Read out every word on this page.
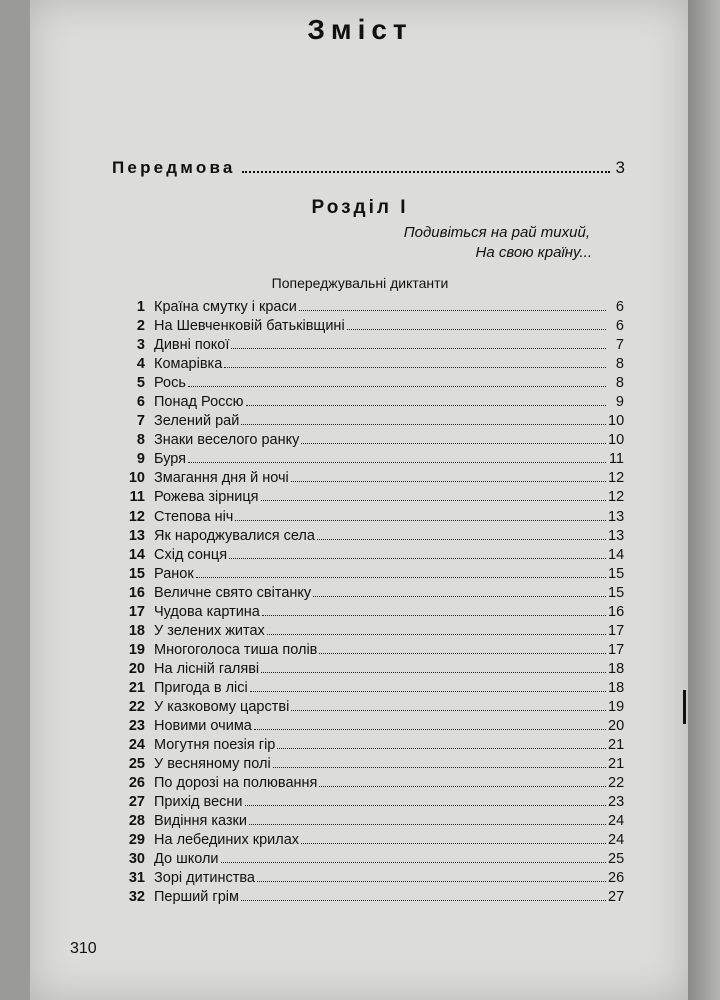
Зміст
Передмова	3
Розділ І
Подивіться на рай тихий,
На свою країну...
Попереджувальні диктанти
1 Країна смутку і краси	6
2 На Шевченковій батьківщині	6
3 Дивні покої	7
4 Комарівка	8
5 Рось	8
6 Понад Россю	9
7 Зелений рай	10
8 Знаки веселого ранку	10
9 Буря	11
10 Змагання дня й ночі	12
11 Рожева зірниця	12
12 Степова ніч	13
13 Як народжувалися села	13
14 Схід сонця	14
15 Ранок	15
16 Величне свято світанку	15
17 Чудова картина	16
18 У зелених житах	17
19 Многоголоса тиша полів	17
20 На лісній галяві	18
21 Пригода в лісі	18
22 У казковому царстві	19
23 Новими очима	20
24 Могутня поезія гір	21
25 У весняному полі	21
26 По дорозі на полювання	22
27 Прихід весни	23
28 Видіння казки	24
29 На лебединих крилах	24
30 До школи	25
31 Зорі дитинства	26
32 Перший грім	27
310
